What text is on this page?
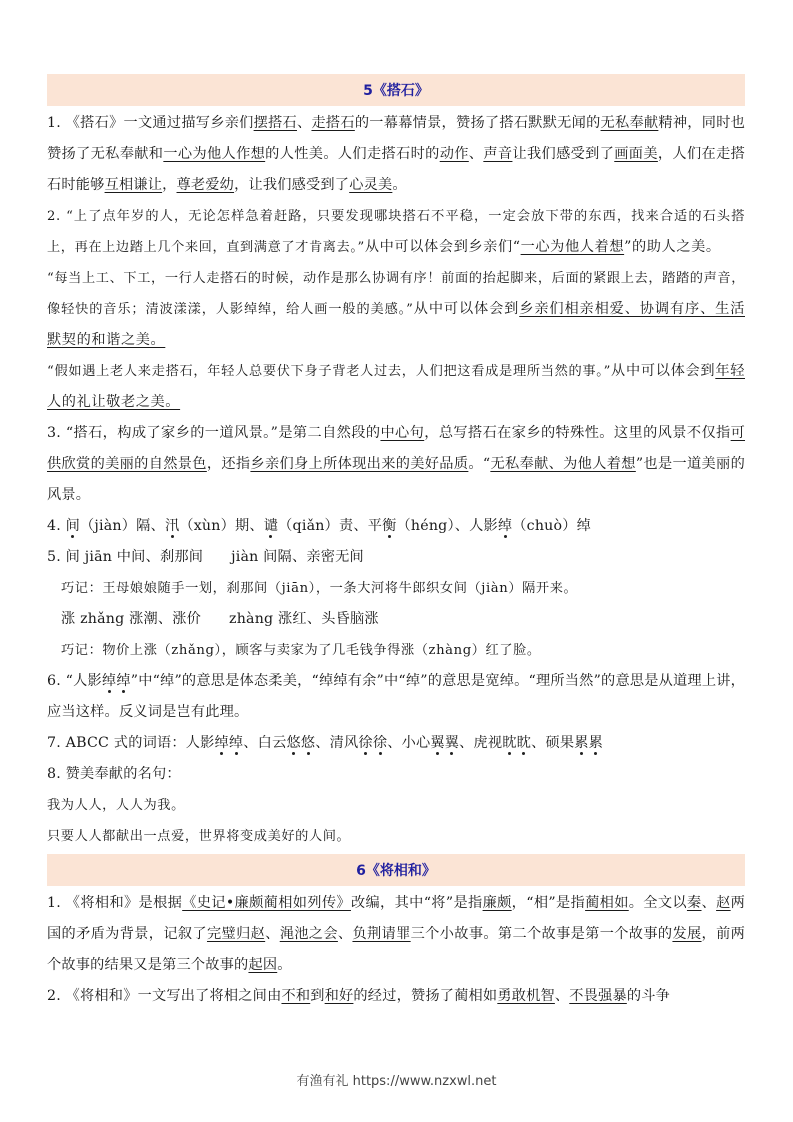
5《搭石》
1. 《搭石》一文通过描写乡亲们摆搭石、走搭石的一幕幕情景，赞扬了搭石默默无闻的无私奉献精神，同时也赞扬了无私奉献和一心为他人作想的人性美。人们走搭石时的动作、声音让我们感受到了画面美，人们在走搭石时能够互相谦让，尊老爱幼，让我们感受到了心灵美。
2. “上了点年岁的人，无论怎样急着赶路，只要发现哪块搭石不平稳，一定会放下带的东西，找来合适的石头搭上，再在上边踏上几个来回，直到满意了才肯离去。”从中可以体会到乡亲们“一心为他人着想”的助人之美。
“每当上工、下工，一行人走搭石的时候，动作是那么协调有序！前面的抬起脚来，后面的紧跟上去，踏踏的声音，像轻快的音乐；清波漾漾，人影绰绰，给人画一般的美感。”从中可以体会到乡亲们相亲相爱、协调有序、生活默契的和谐之美。
“假如遇上老人来走搭石，年轻人总要伏下身子背老人过去，人们把这看成是理所当然的事。”从中可以体会到年轻人的礼让敬老之美。
3. “搭石，构成了家乡的一道风景。”是第二自然段的中心句，总写搭石在家乡的特殊性。这里的风景不仅指可供欣赏的美丽的自然景色，还指乡亲们身上所体现出来的美好品质。“无私奉献、为他人着想”也是一道美丽的风景。
4. 间（jiàn）隔、汛（xùn）期、谴（qiǎn）责、平衡（héng）、人影绰（chuò）绰
5. 间 jiān 中间、刹那间 jiàn 间隔、亲密无间
巧记：王母娘娘随手一划，刹那间（jiān），一条大河将牛郎织女间（jiàn）隔开来。
涨 zhǎng 涨潮、涨价 zhàng 涨红、头昏脑涨
巧记：物价上涨（zhǎng），顾客与卖家为了几毛钱争得涨（zhàng）红了脸。
6. “人影绰绰”中“绰”的意思是体态柔美，“绰绰有余”中“绰”的意思是宽绰。“理所当然”的意思是从道理上讲，应当这样。反义词是岂有此理。
7. ABCC 式的词语：人影绰绰、白云悠悠、清风徐徐、小心翼翼、虎视眈眈、硕果累累
8. 赞美奉献的名句：
我为人人，人人为我。
只要人人都献出一点爱，世界将变成美好的人间。
6《将相和》
1. 《将相和》是根据《史记•廉颇蔺相如列传》改编，其中“将”是指廉颇，“相”是指蔺相如。全文以秦、赵两国的矛盾为背景，记叙了完璧归赵、渑池之会、负荆请罪三个小故事。第二个故事是第一个故事的发展，前两个故事的结果又是第三个故事的起因。
2. 《将相和》一文写出了将相之间由不和到和好的经过，赞扬了蔺相如勇敢机智、不畏强暴的斗争
有渔有礼 https://www.nzxwl.net
